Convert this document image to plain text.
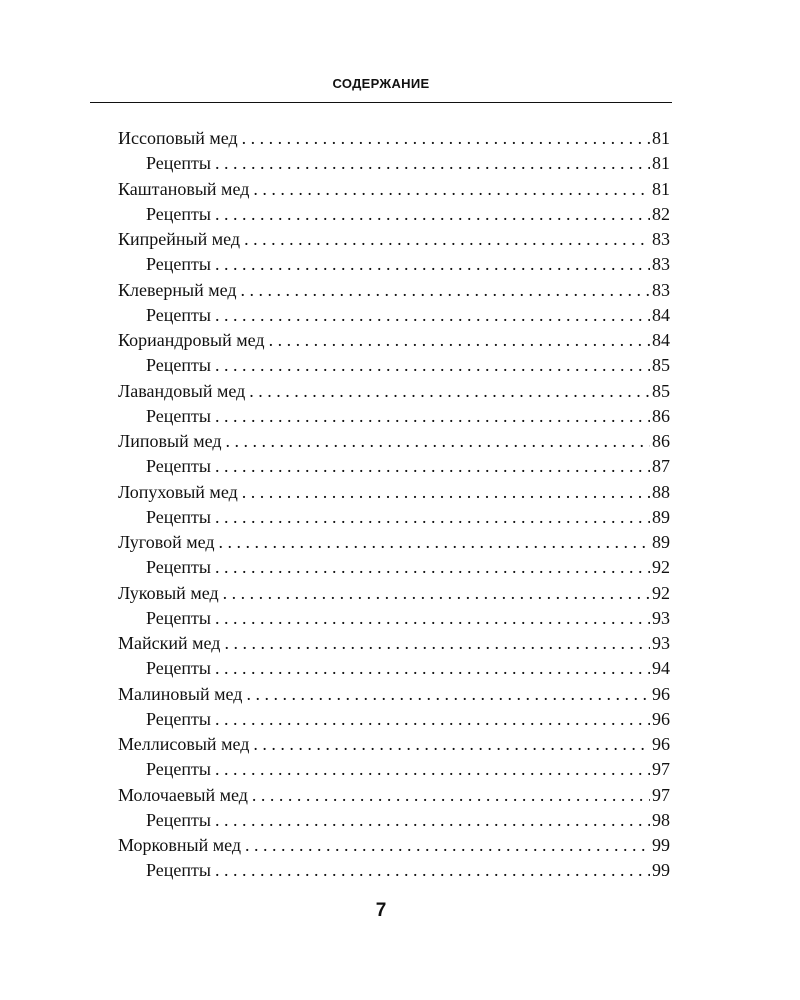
СОДЕРЖАНИЕ
Иссоповый мед . . .	81
Рецепты . . .	81
Каштановый мед . . .	81
Рецепты . . .	82
Кипрейный мед . . .	83
Рецепты . . .	83
Клеверный мед . . .	83
Рецепты . . .	84
Кориандровый мед . . .	84
Рецепты . . .	85
Лавандовый мед . . .	85
Рецепты . . .	86
Липовый мед . . .	86
Рецепты . . .	87
Лопуховый мед . . .	88
Рецепты . . .	89
Луговой мед . . .	89
Рецепты . . .	92
Луковый мед . . .	92
Рецепты . . .	93
Майский мед . . .	93
Рецепты . . .	94
Малиновый мед . . .	96
Рецепты . . .	96
Меллисовый мед . . .	96
Рецепты . . .	97
Молочаевый мед . . .	97
Рецепты . . .	98
Морковный мед . . .	99
Рецепты . . .	99
7
